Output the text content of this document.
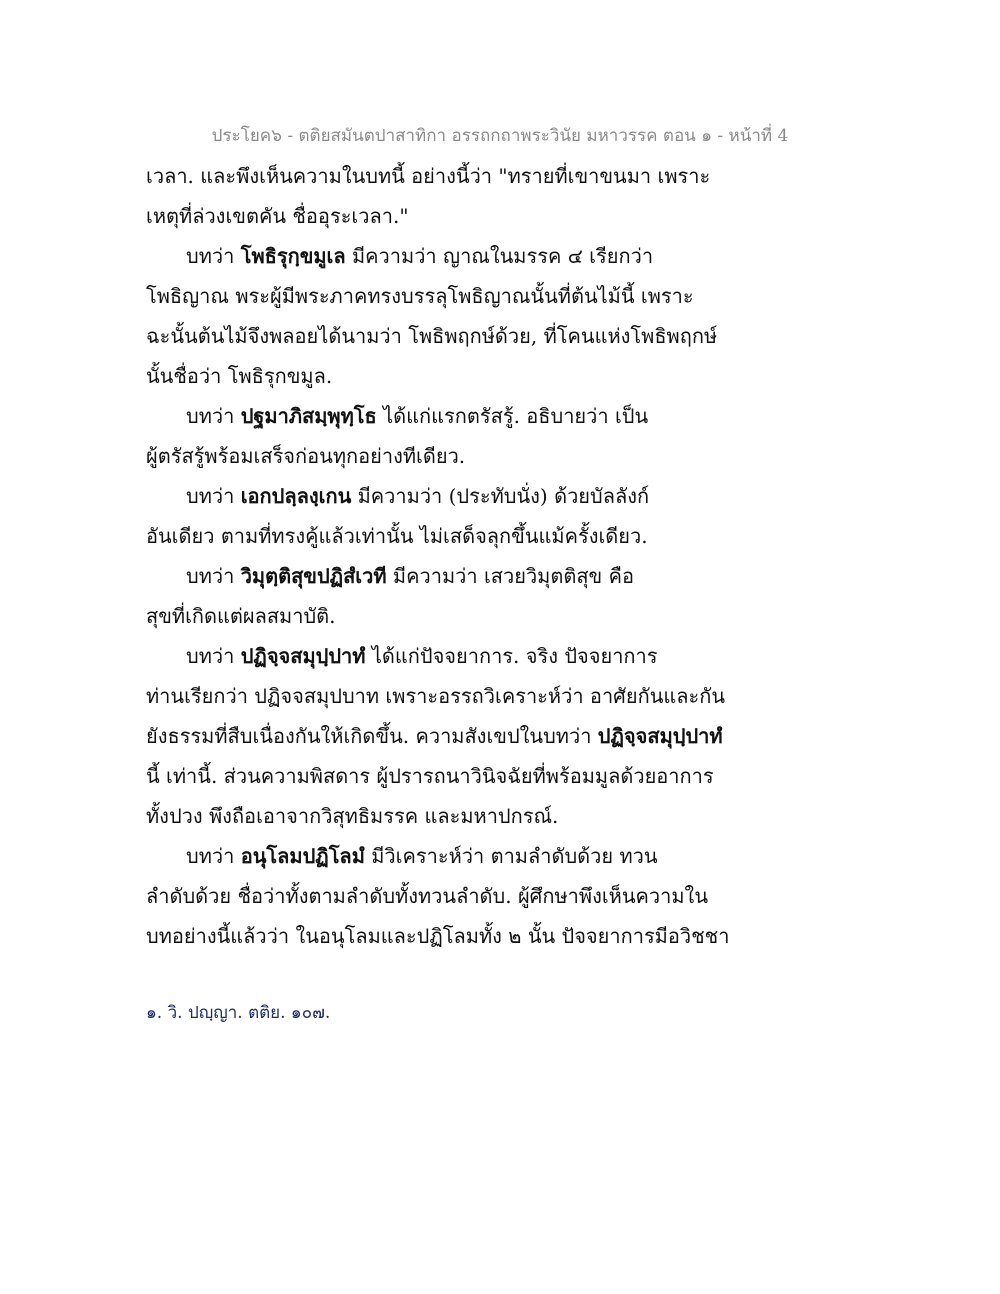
ประโยค๖ - ตติยสมันตปาสาทิกา อรรถกถาพระวินัย มหาวรรค ตอน ๑ - หน้าที่ 4
เวลา. และพึงเห็นความในบทนี้ อย่างนี้ว่า "ทรายที่เขาขนมา เพราะ
เหตุที่ล่วงเขตคัน ชื่ออุระเวลา."
บทว่า โพธิรุกฺขมูเล มีความว่า ญาณในมรรค ๔ เรียกว่า
โพธิญาณ พระผู้มีพระภาคทรงบรรลุโพธิญาณนั้นที่ต้นไม้นี้ เพราะ
ฉะนั้นต้นไม้จึงพลอยได้นามว่า โพธิพฤกษ์ด้วย, ที่โคนแห่งโพธิพฤกษ์
นั้นชื่อว่า โพธิรุกขมูล.
บทว่า ปฐมาภิสมฺพุทฺโธ ได้แก่แรกตรัสรู้. อธิบายว่า เป็น
ผู้ตรัสรู้พร้อมเสร็จก่อนทุกอย่างทีเดียว.
บทว่า เอกปลฺลงฺเกน มีความว่า (ประทับนั่ง) ด้วยบัลลังก์
อันเดียว ตามที่ทรงคู้แล้วเท่านั้น ไม่เสด็จลุกขึ้นแม้ครั้งเดียว.
บทว่า วิมุตฺติสุขปฏิสํเวที มีความว่า เสวยวิมุตติสุข คือ
สุขที่เกิดแต่ผลสมาบัติ.
บทว่า ปฏิจฺจสมุปฺปาทํ ได้แก่ปัจจยาการ. จริง ปัจจยาการ
ท่านเรียกว่า ปฏิจจสมุปบาท เพราะอรรถวิเคราะห์ว่า อาศัยกันและกัน
ยังธรรมที่สืบเนื่องกันให้เกิดขึ้น. ความสังเขปในบทว่า ปฏิจฺจสมุปฺปาทํ
นี้ เท่านี้. ส่วนความพิสดาร ผู้ปรารถนาวินิจฉัยที่พร้อมมูลด้วยอาการ
ทั้งปวง พึงถือเอาจากวิสุทธิมรรค และมหาปกรณ์.
บทว่า อนุโลมปฏิโลมํ มีวิเคราะห์ว่า ตามลำดับด้วย ทวน
ลำดับด้วย ชื่อว่าทั้งตามลำดับทั้งทวนลำดับ. ผู้ศึกษาพึงเห็นความใน
บทอย่างนี้แล้วว่า ในอนุโลมและปฏิโลมทั้ง ๒ นั้น ปัจจยาการมีอวิชชา
๑. วิ. ปญฺญา. ตติย. ๑๐๗.
